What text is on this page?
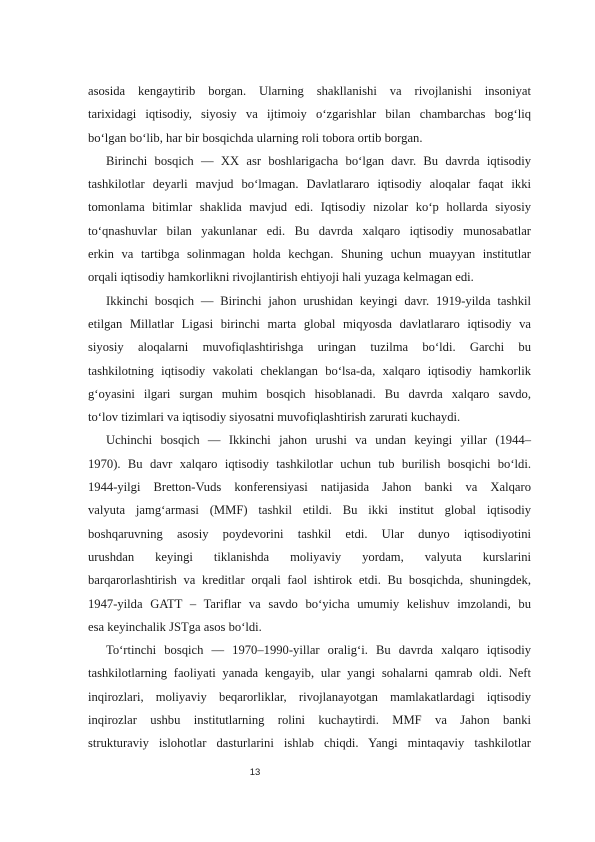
asosida kengaytirib borgan. Ularning shakllanishi va rivojlanishi insoniyat

tarixidagi iqtisodiy, siyosiy va ijtimoiy o‘zgarishlar bilan chambarchas bog‘liq

bo‘lgan bo‘lib, har bir bosqichda ularning roli tobora ortib borgan.

Birinchi bosqich — XX asr boshlarigacha bo‘lgan davr. Bu davrda iqtisodiy

tashkilotlar deyarli mavjud bo‘lmagan. Davlatlararo iqtisodiy aloqalar faqat ikki

tomonlama bitimlar shaklida mavjud edi. Iqtisodiy nizolar ko‘p hollarda siyosiy

to‘qnashuvlar bilan yakunlanar edi. Bu davrda xalqaro iqtisodiy munosabatlar

erkin va tartibga solinmagan holda kechgan. Shuning uchun muayyan institutlar

orqali iqtisodiy hamkorlikni rivojlantirish ehtiyoji hali yuzaga kelmagan edi.

Ikkinchi bosqich — Birinchi jahon urushidan keyingi davr. 1919-yilda tashkil

etilgan Millatlar Ligasi birinchi marta global miqyosda davlatlararo iqtisodiy va

siyosiy aloqalarni muvofiqlashtirishga uringan tuzilma bo‘ldi. Garchi bu

tashkilotning iqtisodiy vakolati cheklangan bo‘lsa-da, xalqaro iqtisodiy hamkorlik

g‘oyasini ilgari surgan muhim bosqich hisoblanadi. Bu davrda xalqaro savdo,

to‘lov tizimlari va iqtisodiy siyosatni muvofiqlashtirish zarurati kuchaydi.

Uchinchi bosqich — Ikkinchi jahon urushi va undan keyingi yillar (1944–

1970). Bu davr xalqaro iqtisodiy tashkilotlar uchun tub burilish bosqichi bo‘ldi.

1944-yilgi Bretton-Vuds konferensiyasi natijasida Jahon banki va Xalqaro

valyuta jamg‘armasi (MMF) tashkil etildi. Bu ikki institut global iqtisodiy

boshqaruvning asosiy poydevorini tashkil etdi. Ular dunyo iqtisodiyotini

urushdan keyingi tiklanishda moliyaviy yordam, valyuta kurslarini

barqarorlashtirish va kreditlar orqali faol ishtirok etdi. Bu bosqichda, shuningdek,

1947-yilda GATT – Tariflar va savdo bo‘yicha umumiy kelishuv imzolandi, bu

esa keyinchalik JSTga asos bo‘ldi.

To‘rtinchi bosqich — 1970–1990-yillar oralig‘i. Bu davrda xalqaro iqtisodiy

tashkilotlarning faoliyati yanada kengayib, ular yangi sohalarni qamrab oldi. Neft

inqirozlari, moliyaviy beqarorliklar, rivojlanayotgan mamlakatlardagi iqtisodiy

inqirozlar ushbu institutlarning rolini kuchaytirdi. MMF va Jahon banki

strukturaviy islohotlar dasturlarini ishlab chiqdi. Yangi mintaqaviy tashkilotlar

13
